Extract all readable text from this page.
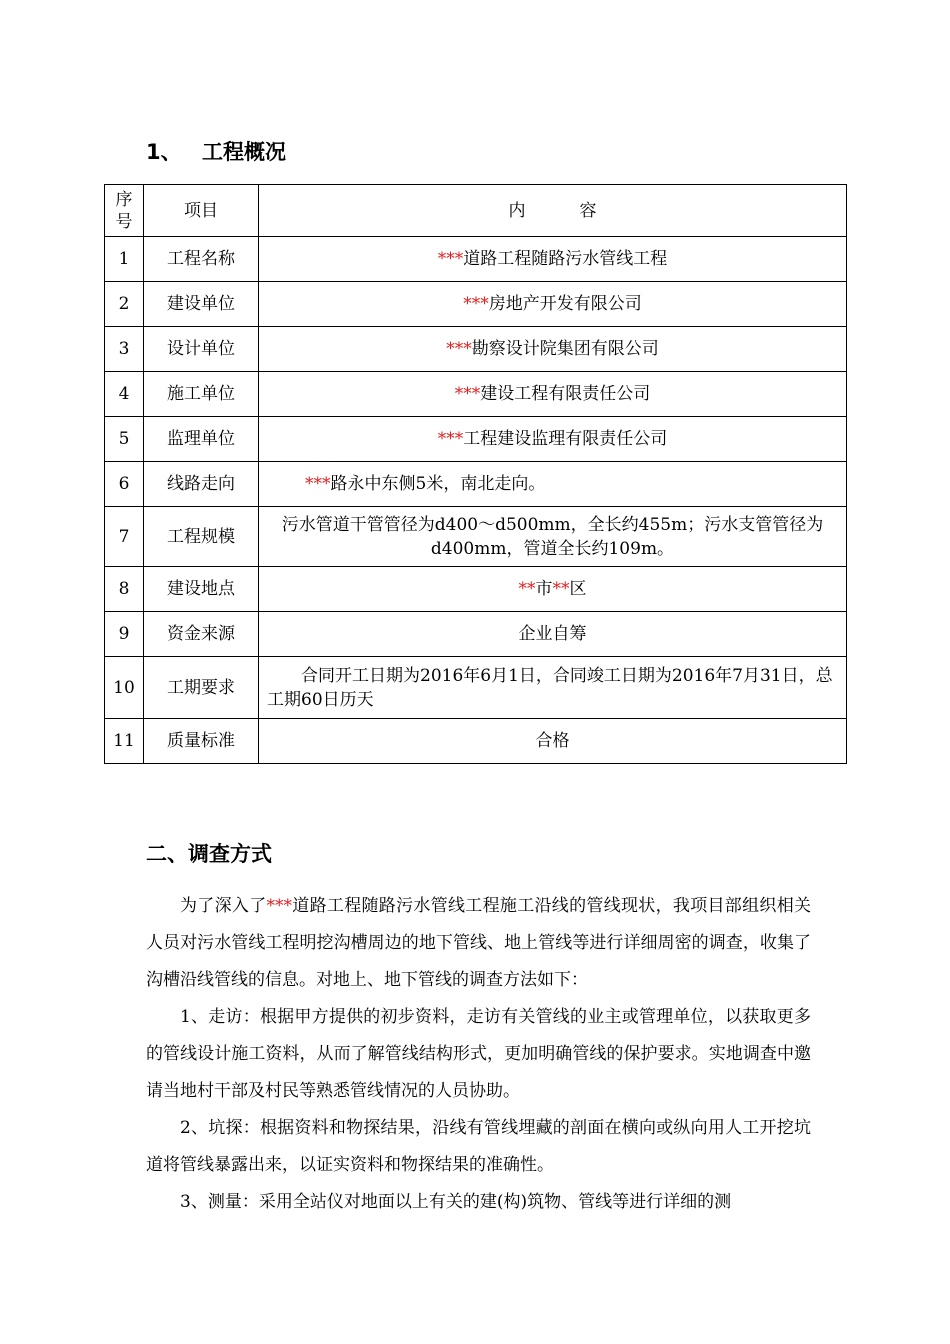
1、 工程概况
序号	项目	内          容
1	工程名称	***道路工程随路污水管线工程
2	建设单位	***房地产开发有限公司
3	设计单位	***勘察设计院集团有限公司
4	施工单位	***建设工程有限责任公司
5	监理单位	***工程建设监理有限责任公司
6	线路走向	***路永中东侧5米，南北走向。
7	工程规模	污水管道干管管径为d400～d500mm，全长约455m；污水支管管径为d400mm，管道全长约109m。
8	建设地点	**市**区
9	资金来源	企业自筹
10	工期要求	合同开工日期为2016年6月1日，合同竣工日期为2016年7月31日，总工期60日历天
11	质量标准	合格
二、调查方式

为了深入了***道路工程随路污水管线工程施工沿线的管线现状，我项目部组织相关人员对污水管线工程明挖沟槽周边的地下管线、地上管线等进行详细周密的调查，收集了沟槽沿线管线的信息。对地上、地下管线的调查方法如下：

1、走访：根据甲方提供的初步资料，走访有关管线的业主或管理单位，以获取更多的管线设计施工资料，从而了解管线结构形式，更加明确管线的保护要求。实地调查中邀请当地村干部及村民等熟悉管线情况的人员协助。

2、坑探：根据资料和物探结果，沿线有管线埋藏的剖面在横向或纵向用人工开挖坑道将管线暴露出来，以证实资料和物探结果的准确性。

3、测量：采用全站仪对地面以上有关的建(构)筑物、管线等进行详细的测
